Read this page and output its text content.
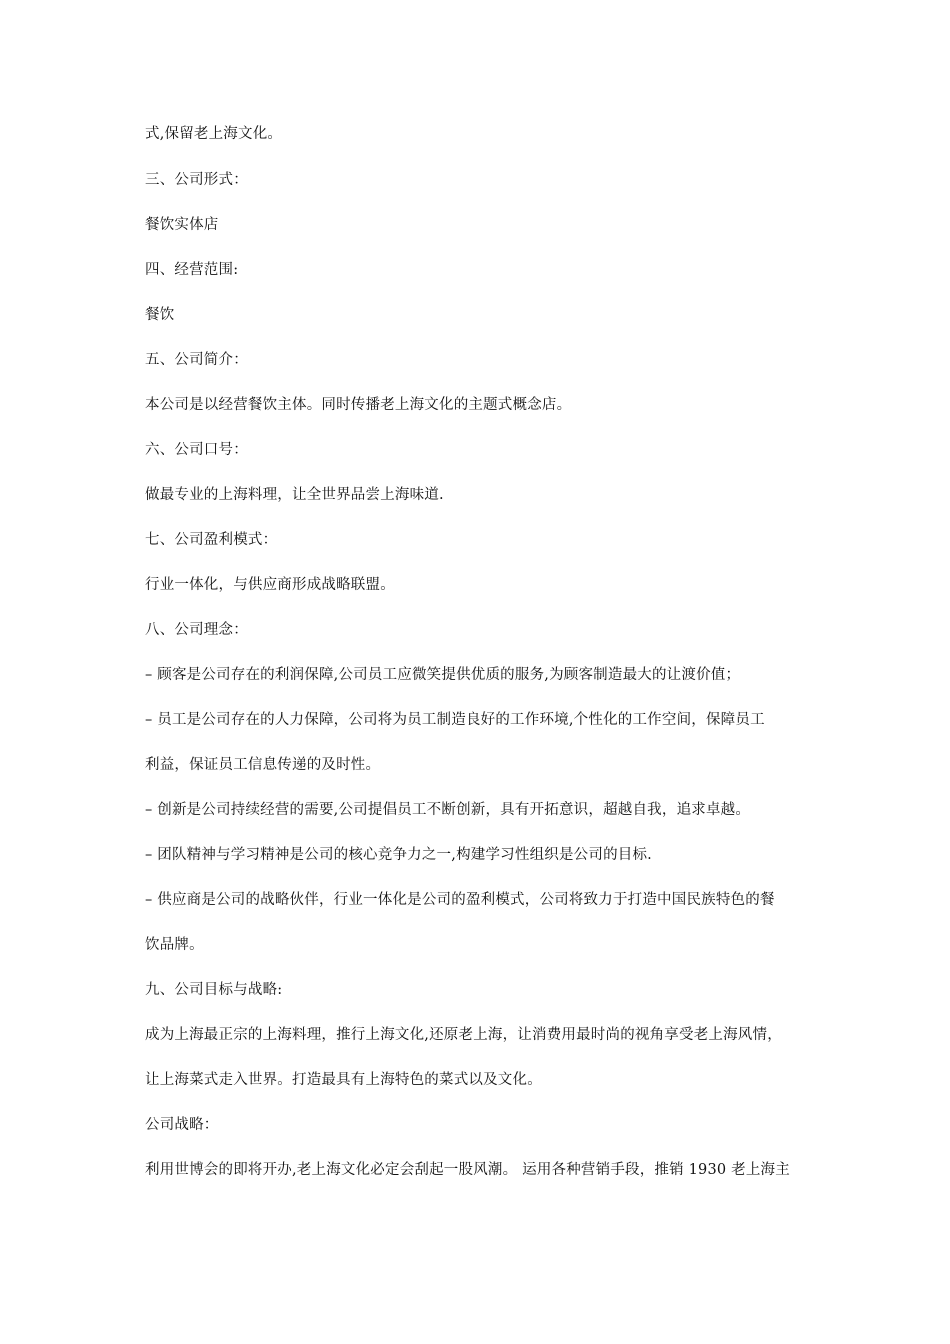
式,保留老上海文化。
三、公司形式：
餐饮实体店
四、经营范围:
餐饮
五、公司简介：
本公司是以经营餐饮主体。同时传播老上海文化的主题式概念店。
六、公司口号：
做最专业的上海料理，让全世界品尝上海味道.
七、公司盈利模式：
行业一体化，与供应商形成战略联盟。
八、公司理念：
– 顾客是公司存在的利润保障,公司员工应微笑提供优质的服务,为顾客制造最大的让渡价值；
– 员工是公司存在的人力保障，公司将为员工制造良好的工作环境,个性化的工作空间，保障员工
利益，保证员工信息传递的及时性。
– 创新是公司持续经营的需要,公司提倡员工不断创新，具有开拓意识，超越自我，追求卓越。
– 团队精神与学习精神是公司的核心竞争力之一,构建学习性组织是公司的目标.
– 供应商是公司的战略伙伴，行业一体化是公司的盈利模式，公司将致力于打造中国民族特色的餐
饮品牌。
九、公司目标与战略:
成为上海最正宗的上海料理，推行上海文化,还原老上海，让消费用最时尚的视角享受老上海风情，
让上海菜式走入世界。打造最具有上海特色的菜式以及文化。
公司战略：
利用世博会的即将开办,老上海文化必定会刮起一股风潮。 运用各种营销手段，推销 1930 老上海主
